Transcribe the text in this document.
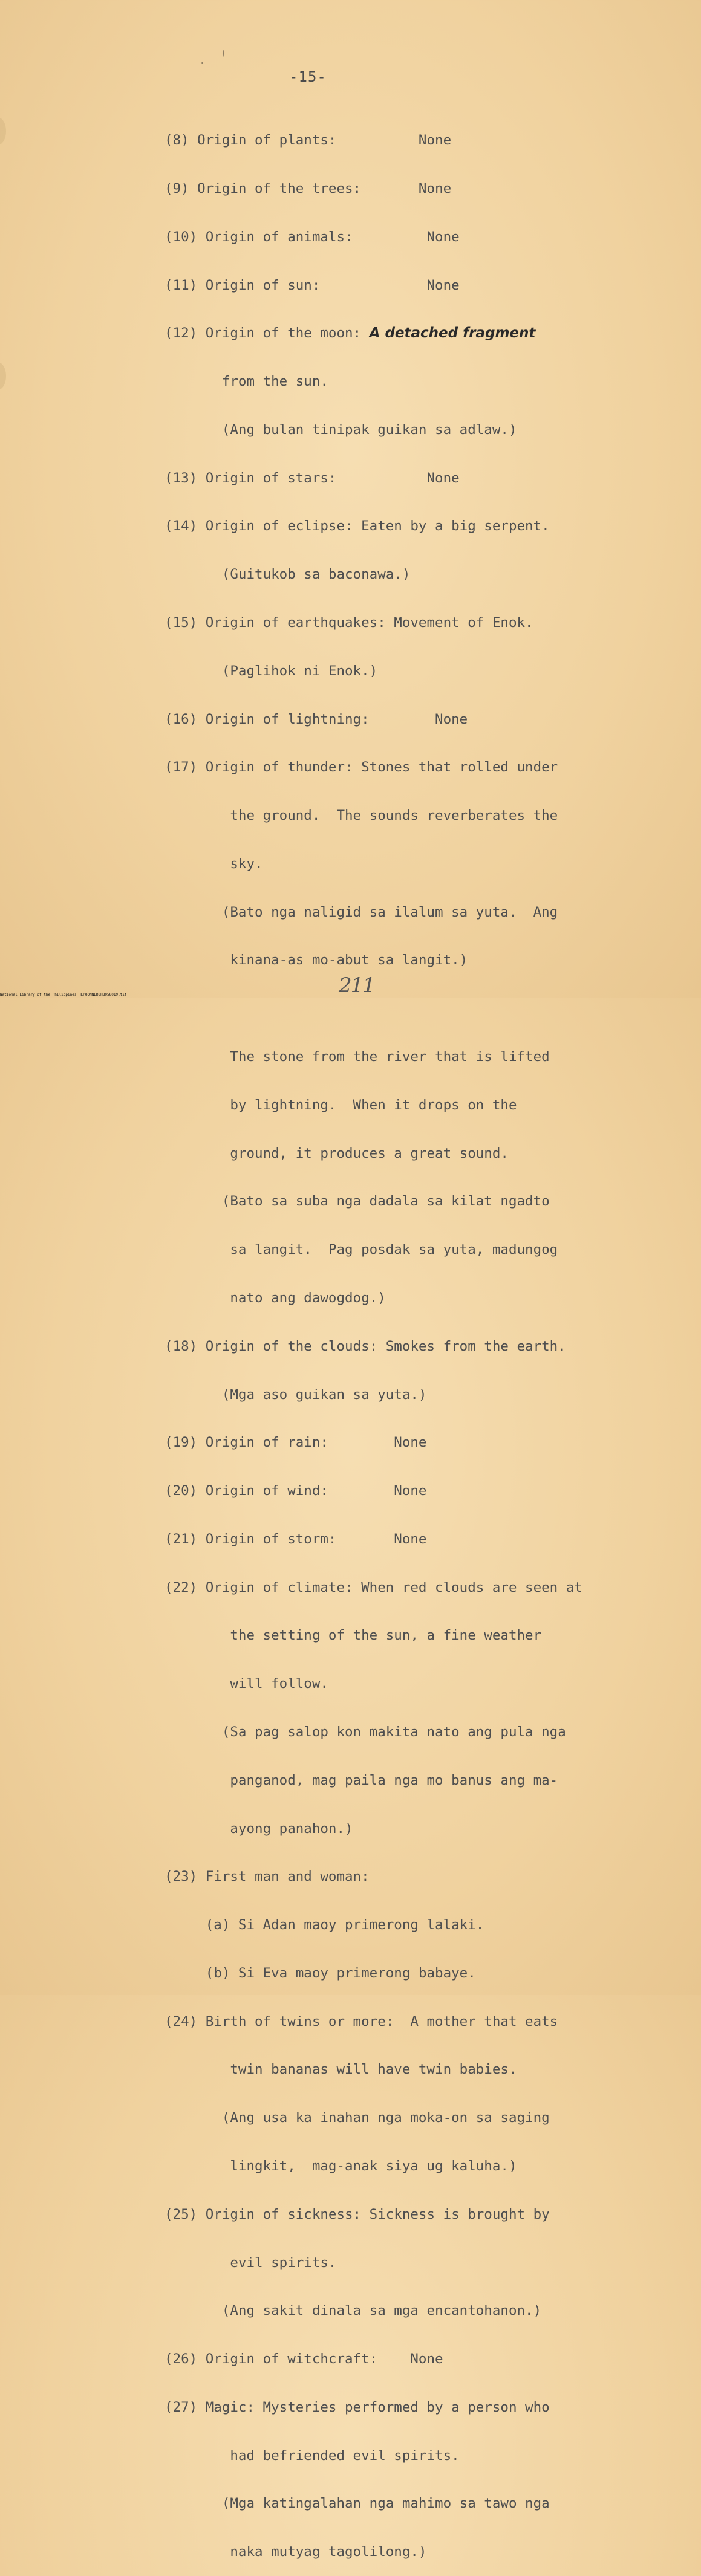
-15-

(8) Origin of plants:          None

(9) Origin of the trees:       None

(10) Origin of animals:         None

(11) Origin of sun:             None

(12) Origin of the moon: A detached fragment

from the sun.

(Ang bulan tinipak guikan sa adlaw.)

(13) Origin of stars:           None

(14) Origin of eclipse: Eaten by a big serpent.

(Guitukob sa baconawa.)

(15) Origin of earthquakes: Movement of Enok.

(Paglihok ni Enok.)

(16) Origin of lightning:        None

(17) Origin of thunder: Stones that rolled under

the ground.  The sounds reverberates the

sky.

(Bato nga naligid sa ilalum sa yuta.  Ang

kinana-as mo-abut sa langit.)

The stone from the river that is lifted

by lightning.  When it drops on the

ground, it produces a great sound.

(Bato sa suba nga dadala sa kilat ngadto

sa langit.  Pag posdak sa yuta, madungog

nato ang dawogdog.)

(18) Origin of the clouds: Smokes from the earth.

(Mga aso guikan sa yuta.)

(19) Origin of rain:        None

(20) Origin of wind:        None

(21) Origin of storm:       None

(22) Origin of climate: When red clouds are seen at

the setting of the sun, a fine weather

will follow.

(Sa pag salop kon makita nato ang pula nga

panganod, mag paila nga mo banus ang ma-

ayong panahon.)

(23) First man and woman:

(a) Si Adan maoy primerong lalaki.

(b) Si Eva maoy primerong babaye.

(24) Birth of twins or more:  A mother that eats

twin bananas will have twin babies.

(Ang usa ka inahan nga moka-on sa saging

lingkit,  mag-anak siya ug kaluha.)

(25) Origin of sickness: Sickness is brought by

evil spirits.

(Ang sakit dinala sa mga encantohanon.)

(26) Origin of witchcraft:    None

(27) Magic: Mysteries performed by a person who

had befriended evil spirits.

(Mga katingalahan nga mahimo sa tawo nga

naka mutyag tagolilong.)

211
National Library of the Philippines HLPOONNEDSHB058019.tif
